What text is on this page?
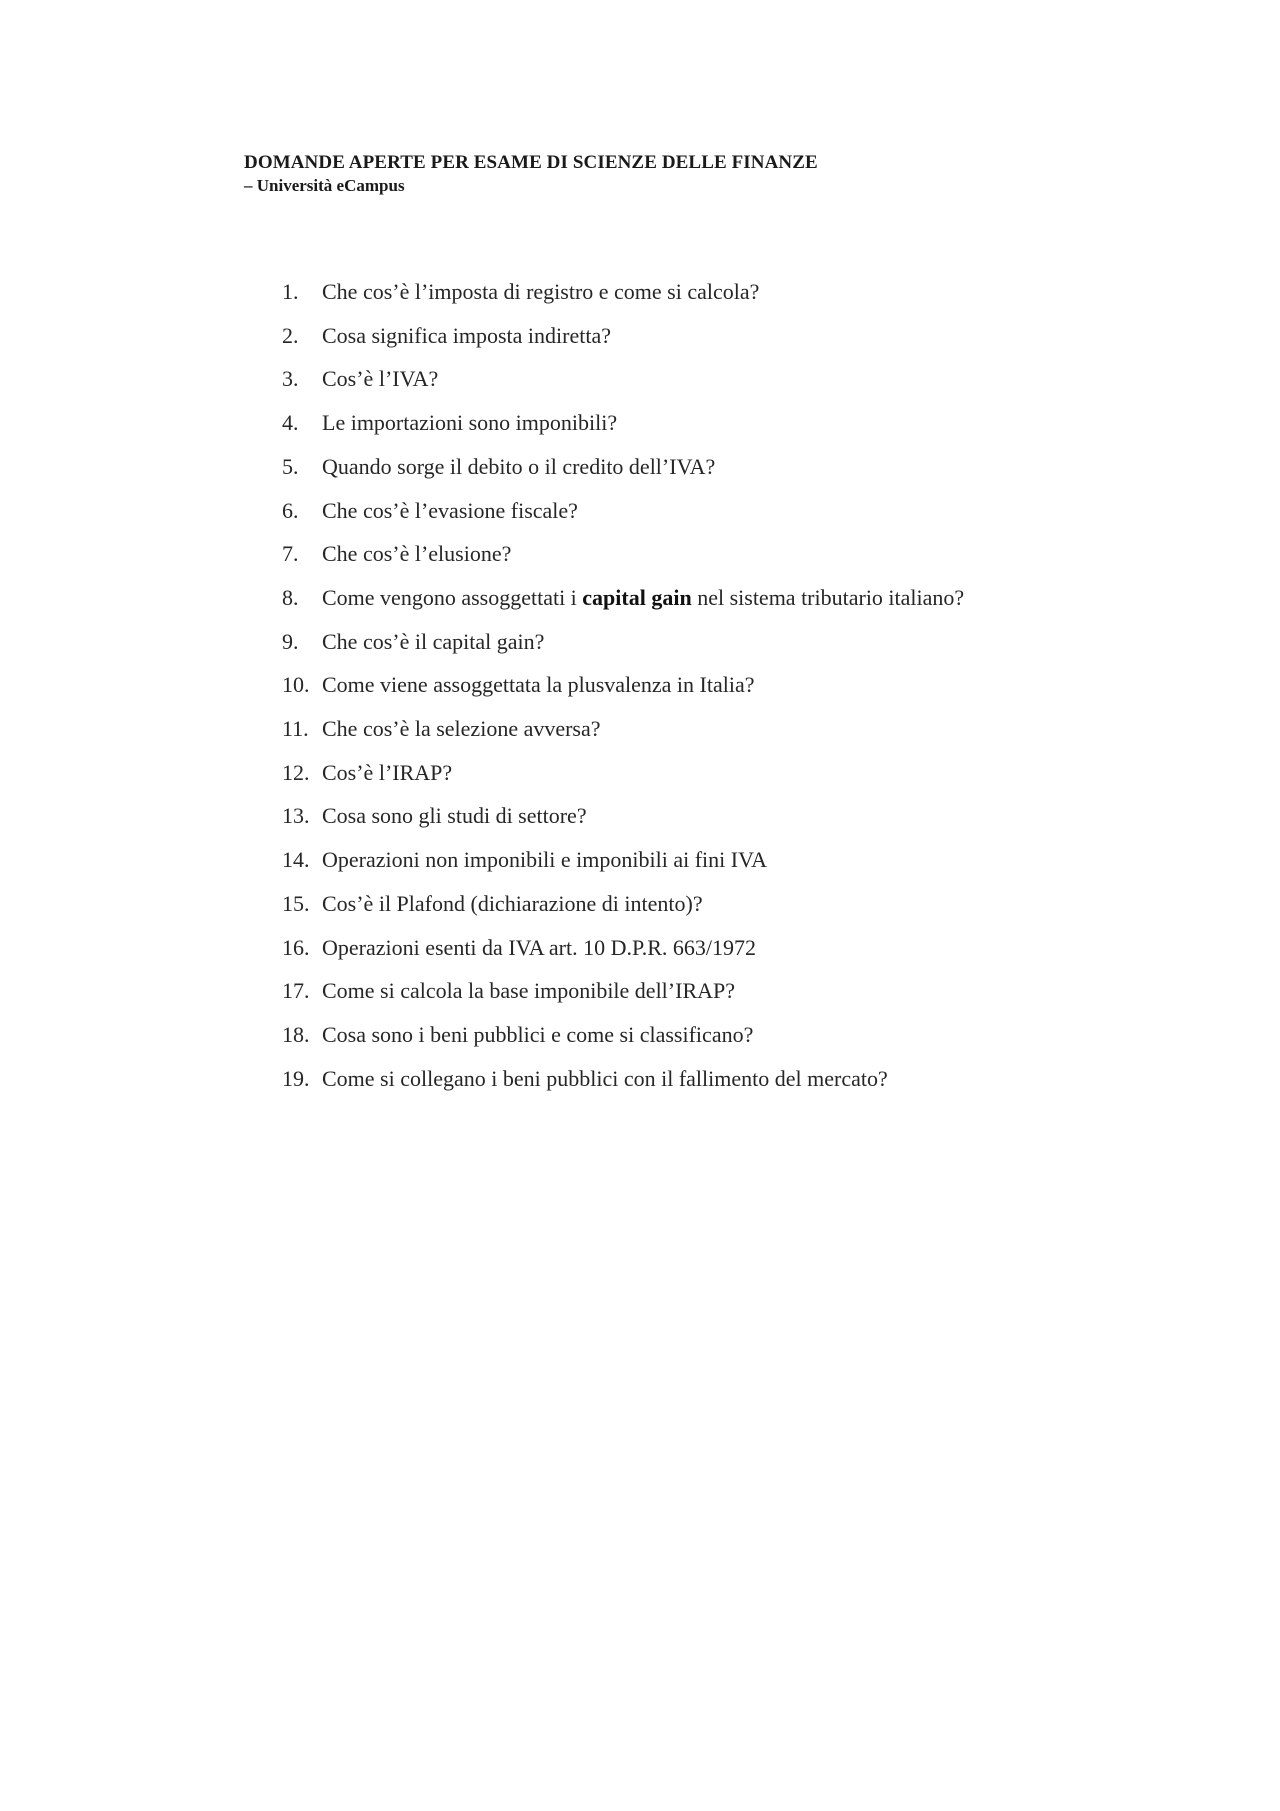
DOMANDE APERTE PER ESAME DI SCIENZE DELLE FINANZE
– Università eCampus
1.	Che cos’è l’imposta di registro e come si calcola?
2.	Cosa significa imposta indiretta?
3.	Cos’è l’IVA?
4.	Le importazioni sono imponibili?
5.	Quando sorge il debito o il credito dell’IVA?
6.	Che cos’è l’evasione fiscale?
7.	Che cos’è l’elusione?
8.	Come vengono assoggettati i capital gain nel sistema tributario italiano?
9.	Che cos’è il capital gain?
10. Come viene assoggettata la plusvalenza in Italia?
11. Che cos’è la selezione avversa?
12. Cos’è l’IRAP?
13. Cosa sono gli studi di settore?
14. Operazioni non imponibili e imponibili ai fini IVA
15. Cos’è il Plafond (dichiarazione di intento)?
16. Operazioni esenti da IVA art. 10 D.P.R. 663/1972
17. Come si calcola la base imponibile dell’IRAP?
18. Cosa sono i beni pubblici e come si classificano?
19. Come si collegano i beni pubblici con il fallimento del mercato?
